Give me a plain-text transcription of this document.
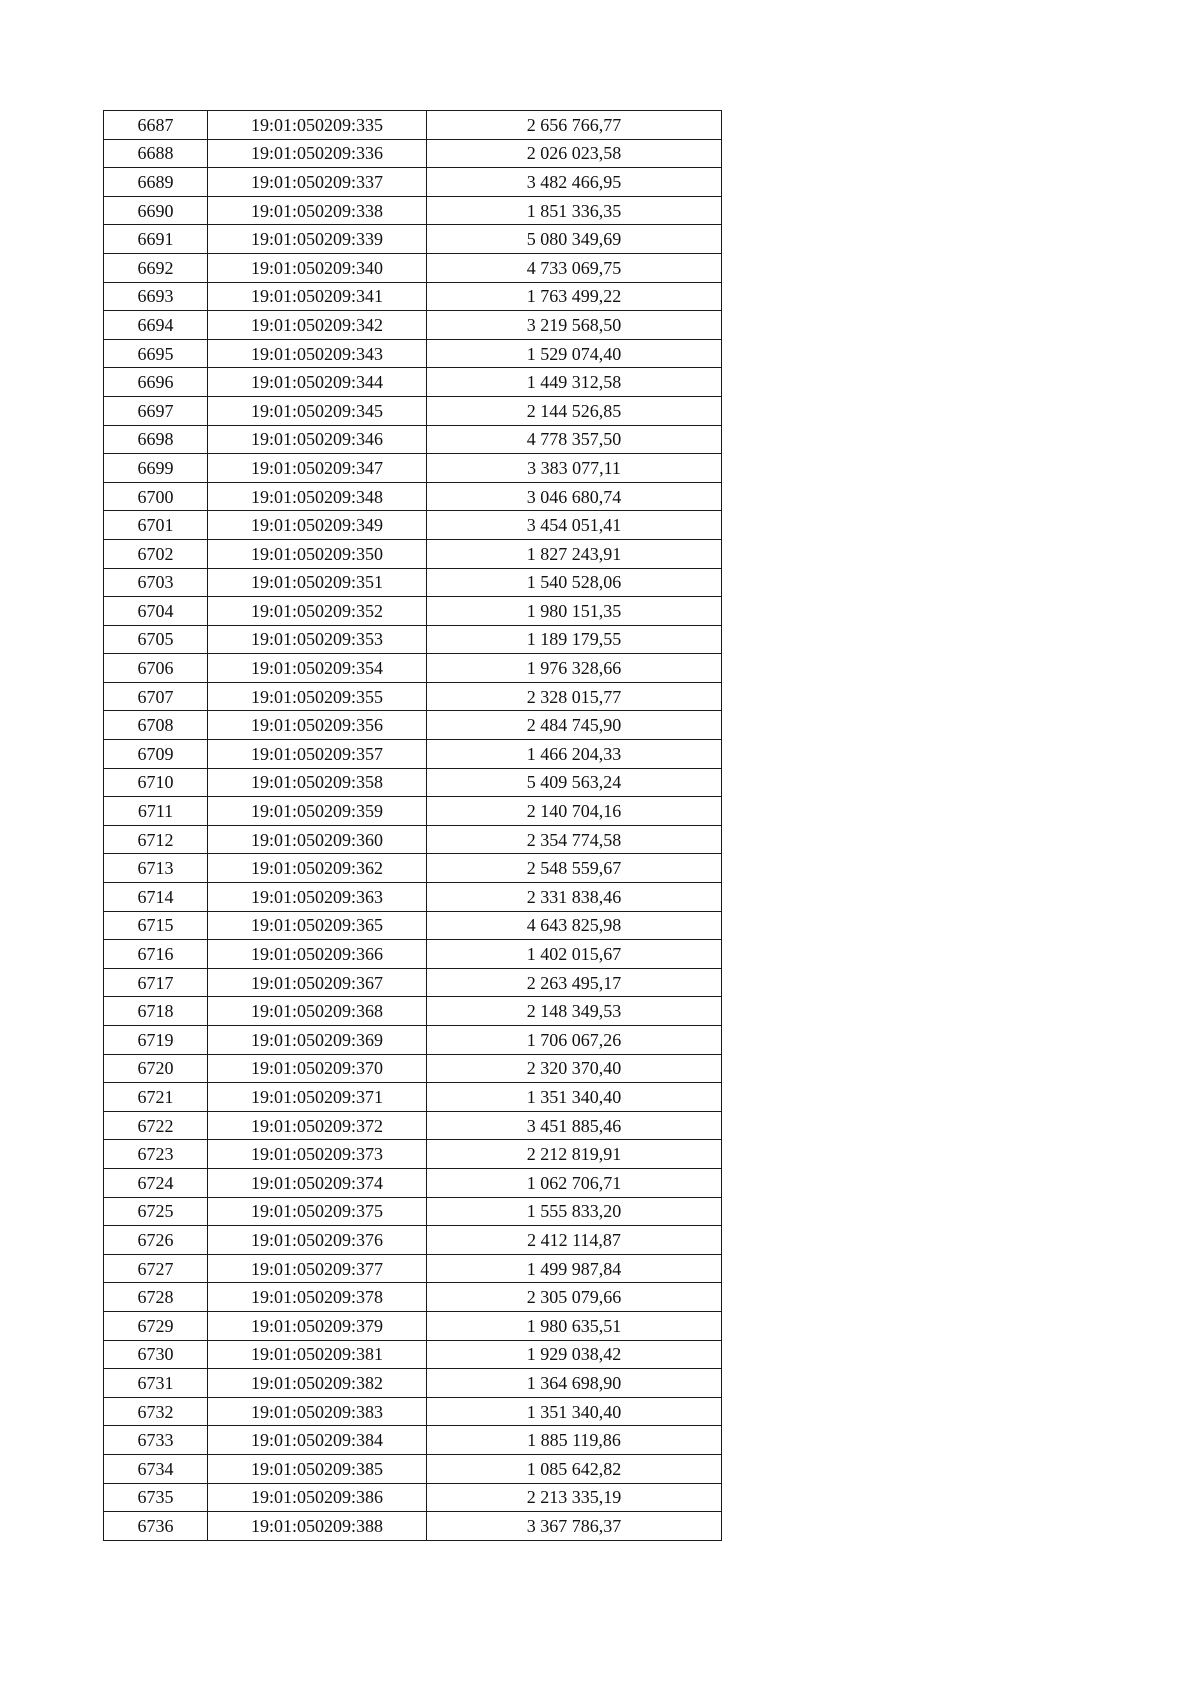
6687	19:01:050209:335	2 656 766,77
6688	19:01:050209:336	2 026 023,58
6689	19:01:050209:337	3 482 466,95
6690	19:01:050209:338	1 851 336,35
6691	19:01:050209:339	5 080 349,69
6692	19:01:050209:340	4 733 069,75
6693	19:01:050209:341	1 763 499,22
6694	19:01:050209:342	3 219 568,50
6695	19:01:050209:343	1 529 074,40
6696	19:01:050209:344	1 449 312,58
6697	19:01:050209:345	2 144 526,85
6698	19:01:050209:346	4 778 357,50
6699	19:01:050209:347	3 383 077,11
6700	19:01:050209:348	3 046 680,74
6701	19:01:050209:349	3 454 051,41
6702	19:01:050209:350	1 827 243,91
6703	19:01:050209:351	1 540 528,06
6704	19:01:050209:352	1 980 151,35
6705	19:01:050209:353	1 189 179,55
6706	19:01:050209:354	1 976 328,66
6707	19:01:050209:355	2 328 015,77
6708	19:01:050209:356	2 484 745,90
6709	19:01:050209:357	1 466 204,33
6710	19:01:050209:358	5 409 563,24
6711	19:01:050209:359	2 140 704,16
6712	19:01:050209:360	2 354 774,58
6713	19:01:050209:362	2 548 559,67
6714	19:01:050209:363	2 331 838,46
6715	19:01:050209:365	4 643 825,98
6716	19:01:050209:366	1 402 015,67
6717	19:01:050209:367	2 263 495,17
6718	19:01:050209:368	2 148 349,53
6719	19:01:050209:369	1 706 067,26
6720	19:01:050209:370	2 320 370,40
6721	19:01:050209:371	1 351 340,40
6722	19:01:050209:372	3 451 885,46
6723	19:01:050209:373	2 212 819,91
6724	19:01:050209:374	1 062 706,71
6725	19:01:050209:375	1 555 833,20
6726	19:01:050209:376	2 412 114,87
6727	19:01:050209:377	1 499 987,84
6728	19:01:050209:378	2 305 079,66
6729	19:01:050209:379	1 980 635,51
6730	19:01:050209:381	1 929 038,42
6731	19:01:050209:382	1 364 698,90
6732	19:01:050209:383	1 351 340,40
6733	19:01:050209:384	1 885 119,86
6734	19:01:050209:385	1 085 642,82
6735	19:01:050209:386	2 213 335,19
6736	19:01:050209:388	3 367 786,37
